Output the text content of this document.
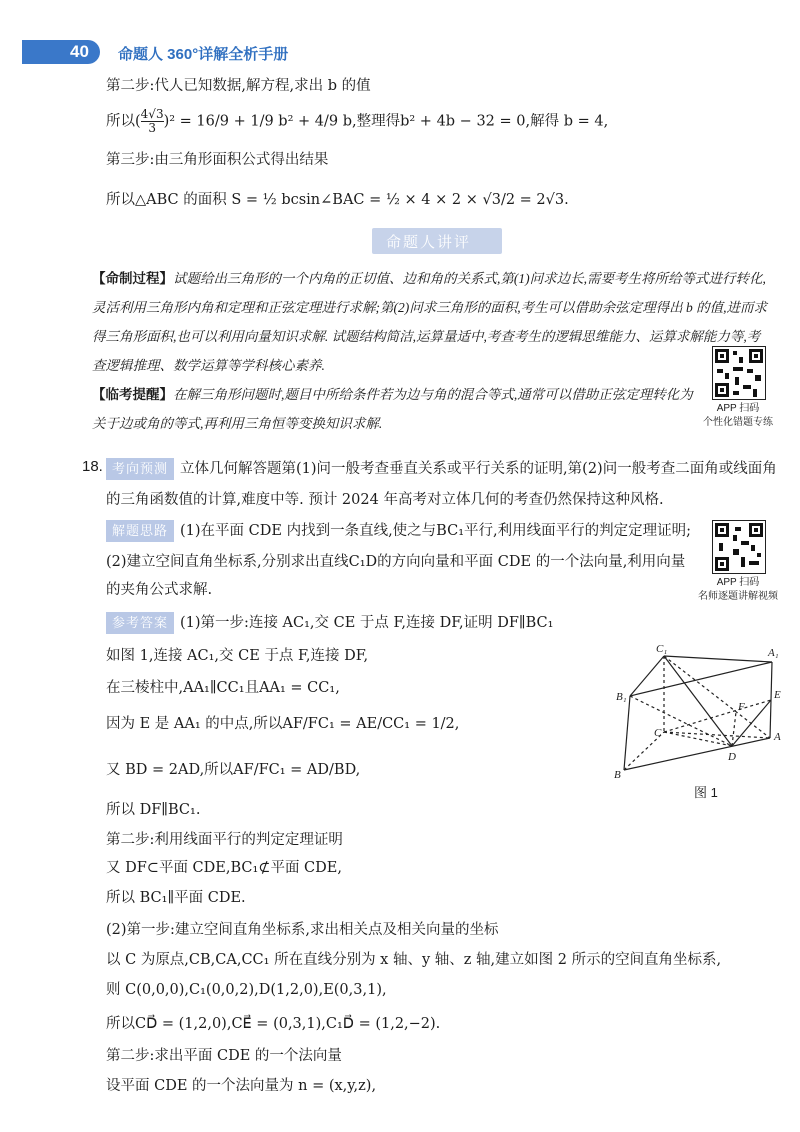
40 命题人 360°详解全析手册
第二步:代人已知数据,解方程,求出 b 的值
所以( $\frac{4√3}{3} )^2 = 16/9 + 1/9$ b² + 4/9 b,整理得b² + 4b − 32 = 0,解得 b = 4,
第三步:由三角形面积公式得出结果
所以△ABC 的面积 S = ½ bcsin∠BAC = ½ × 4 × 2 × √3/2 = 2√3.
命题人讲评
【命制过程】试题给出三角形的一个内角的正切值、边和角的关系式,第(1)问求边长,需要考生将所给等式进行转化,灵活利用三角形内角和定理和正弦定理进行求解;第(2)问求三角形的面积,考生可以借助余弦定理得出 b 的值,进而求得三角形面积,也可以利用向量知识求解. 试题结构简洁,运算量适中,考查考生的逻辑思维能力、运算求解能力等,考查逻辑推理、数学运算等学科核心素养.
【临考提醒】在解三角形问题时,题目中所给条件若为边与角的混合等式,通常可以借助正弦定理转化为关于边或角的等式,再利用三角恒等变换知识求解.
APP 扫码
个性化错题专练
18. 考向预测 立体几何解答题第(1)问一般考查垂直关系或平行关系的证明,第(2)问一般考查二面角或线面角
的三角函数值的计算,难度中等. 预计 2024 年高考对立体几何的考查仍然保持这种风格.
解题思路 (1)在平面 CDE 内找到一条直线,使之与BC₁平行,利用线面平行的判定定理证明;
(2)建立空间直角坐标系,分别求出直线C₁D的方向向量和平面 CDE 的一个法向量,利用向量
的夹角公式求解.	APP 扫码
名师逐题讲解视频
参考答案 (1)第一步:连接 AC₁,交 CE 于点 F,连接 DF,证明 DF∥BC₁
如图 1,连接 AC₁,交 CE 于点 F,连接 DF,
在三棱柱中,AA₁∥CC₁且AA₁ = CC₁,
因为 E 是 AA₁ 的中点,所以AF/FC₁ = AE/CC₁ = 1/2,
又 BD = 2AD,所以AF/FC₁ = AD/BD,
所以 DF∥BC₁.
第二步:利用线面平行的判定定理证明
又 DF⊂平面 CDE,BC₁⊄平面 CDE,
所以 BC₁∥平面 CDE.
(2)第一步:建立空间直角坐标系,求出相关点及相关向量的坐标
以 C 为原点,CB,CA,CC₁ 所在直线分别为 x 轴、y 轴、z 轴,建立如图 2 所示的空间直角坐标系,
则 C(0,0,0),C₁(0,0,2),D(1,2,0),E(0,3,1),
所以CD⃗ = (1,2,0),CE⃗ = (0,3,1),C₁D⃗ = (1,2,−2).
第二步:求出平面 CDE 的一个法向量
设平面 CDE 的一个法向量为 n = (x,y,z),
C₁	A₁
B₁	E
F
C	A
D
B
图 1
